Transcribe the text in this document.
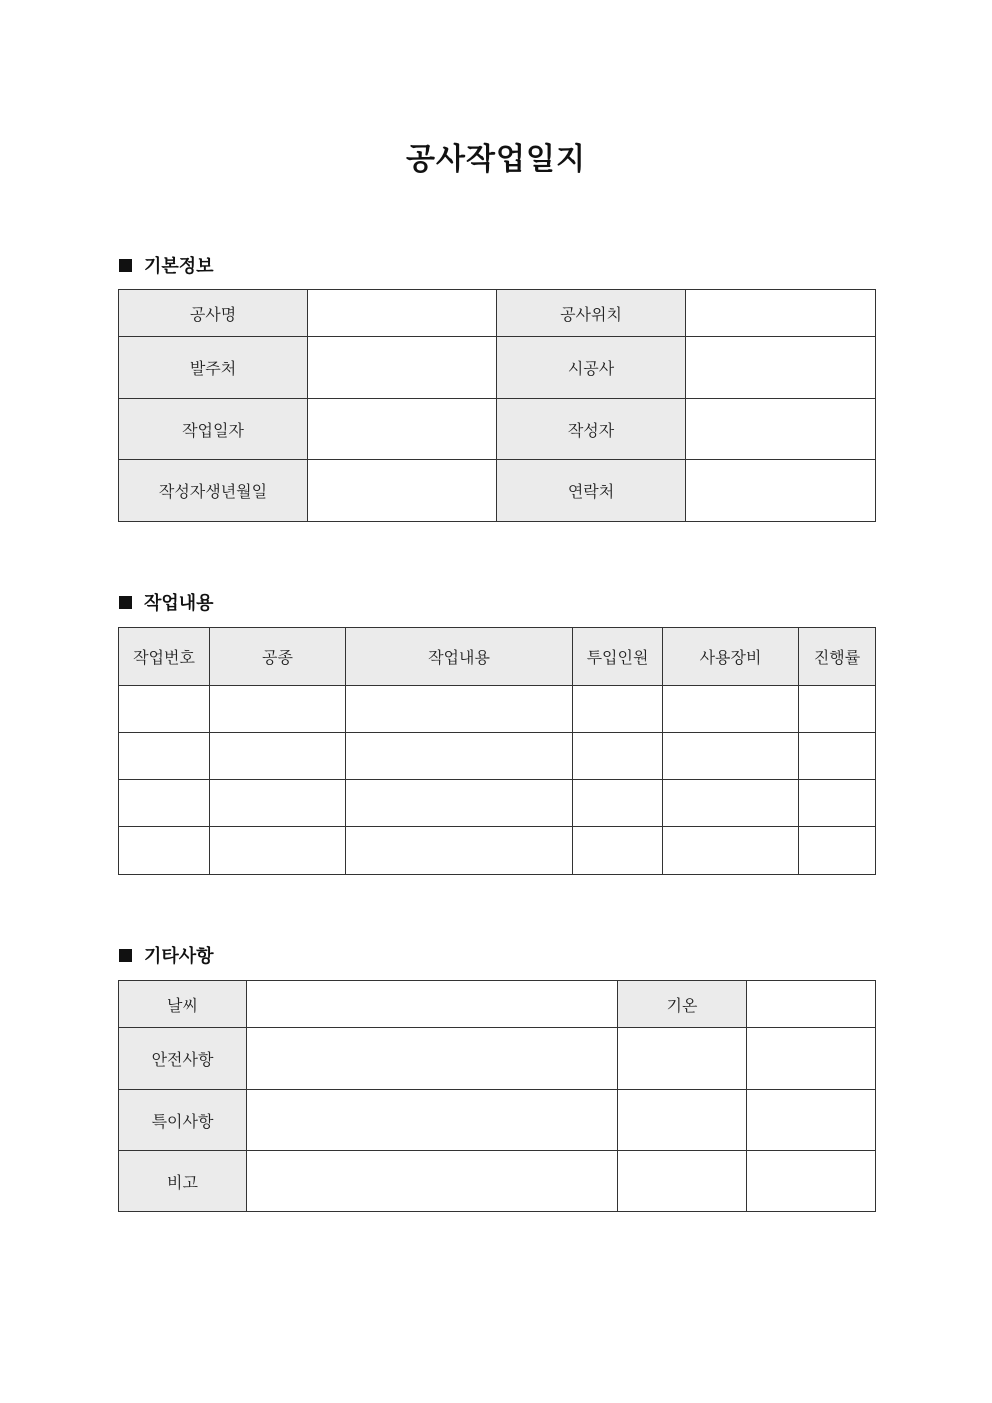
공사작업일지
기본정보
공사명		공사위치	
발주처		시공사	
작업일자		작성자	
작성자생년월일		연락처	
작업내용
작업번호	공종	작업내용	투입인원	사용장비	진행률

기타사항
날씨		기온	
안전사항			
특이사항			
비고			
